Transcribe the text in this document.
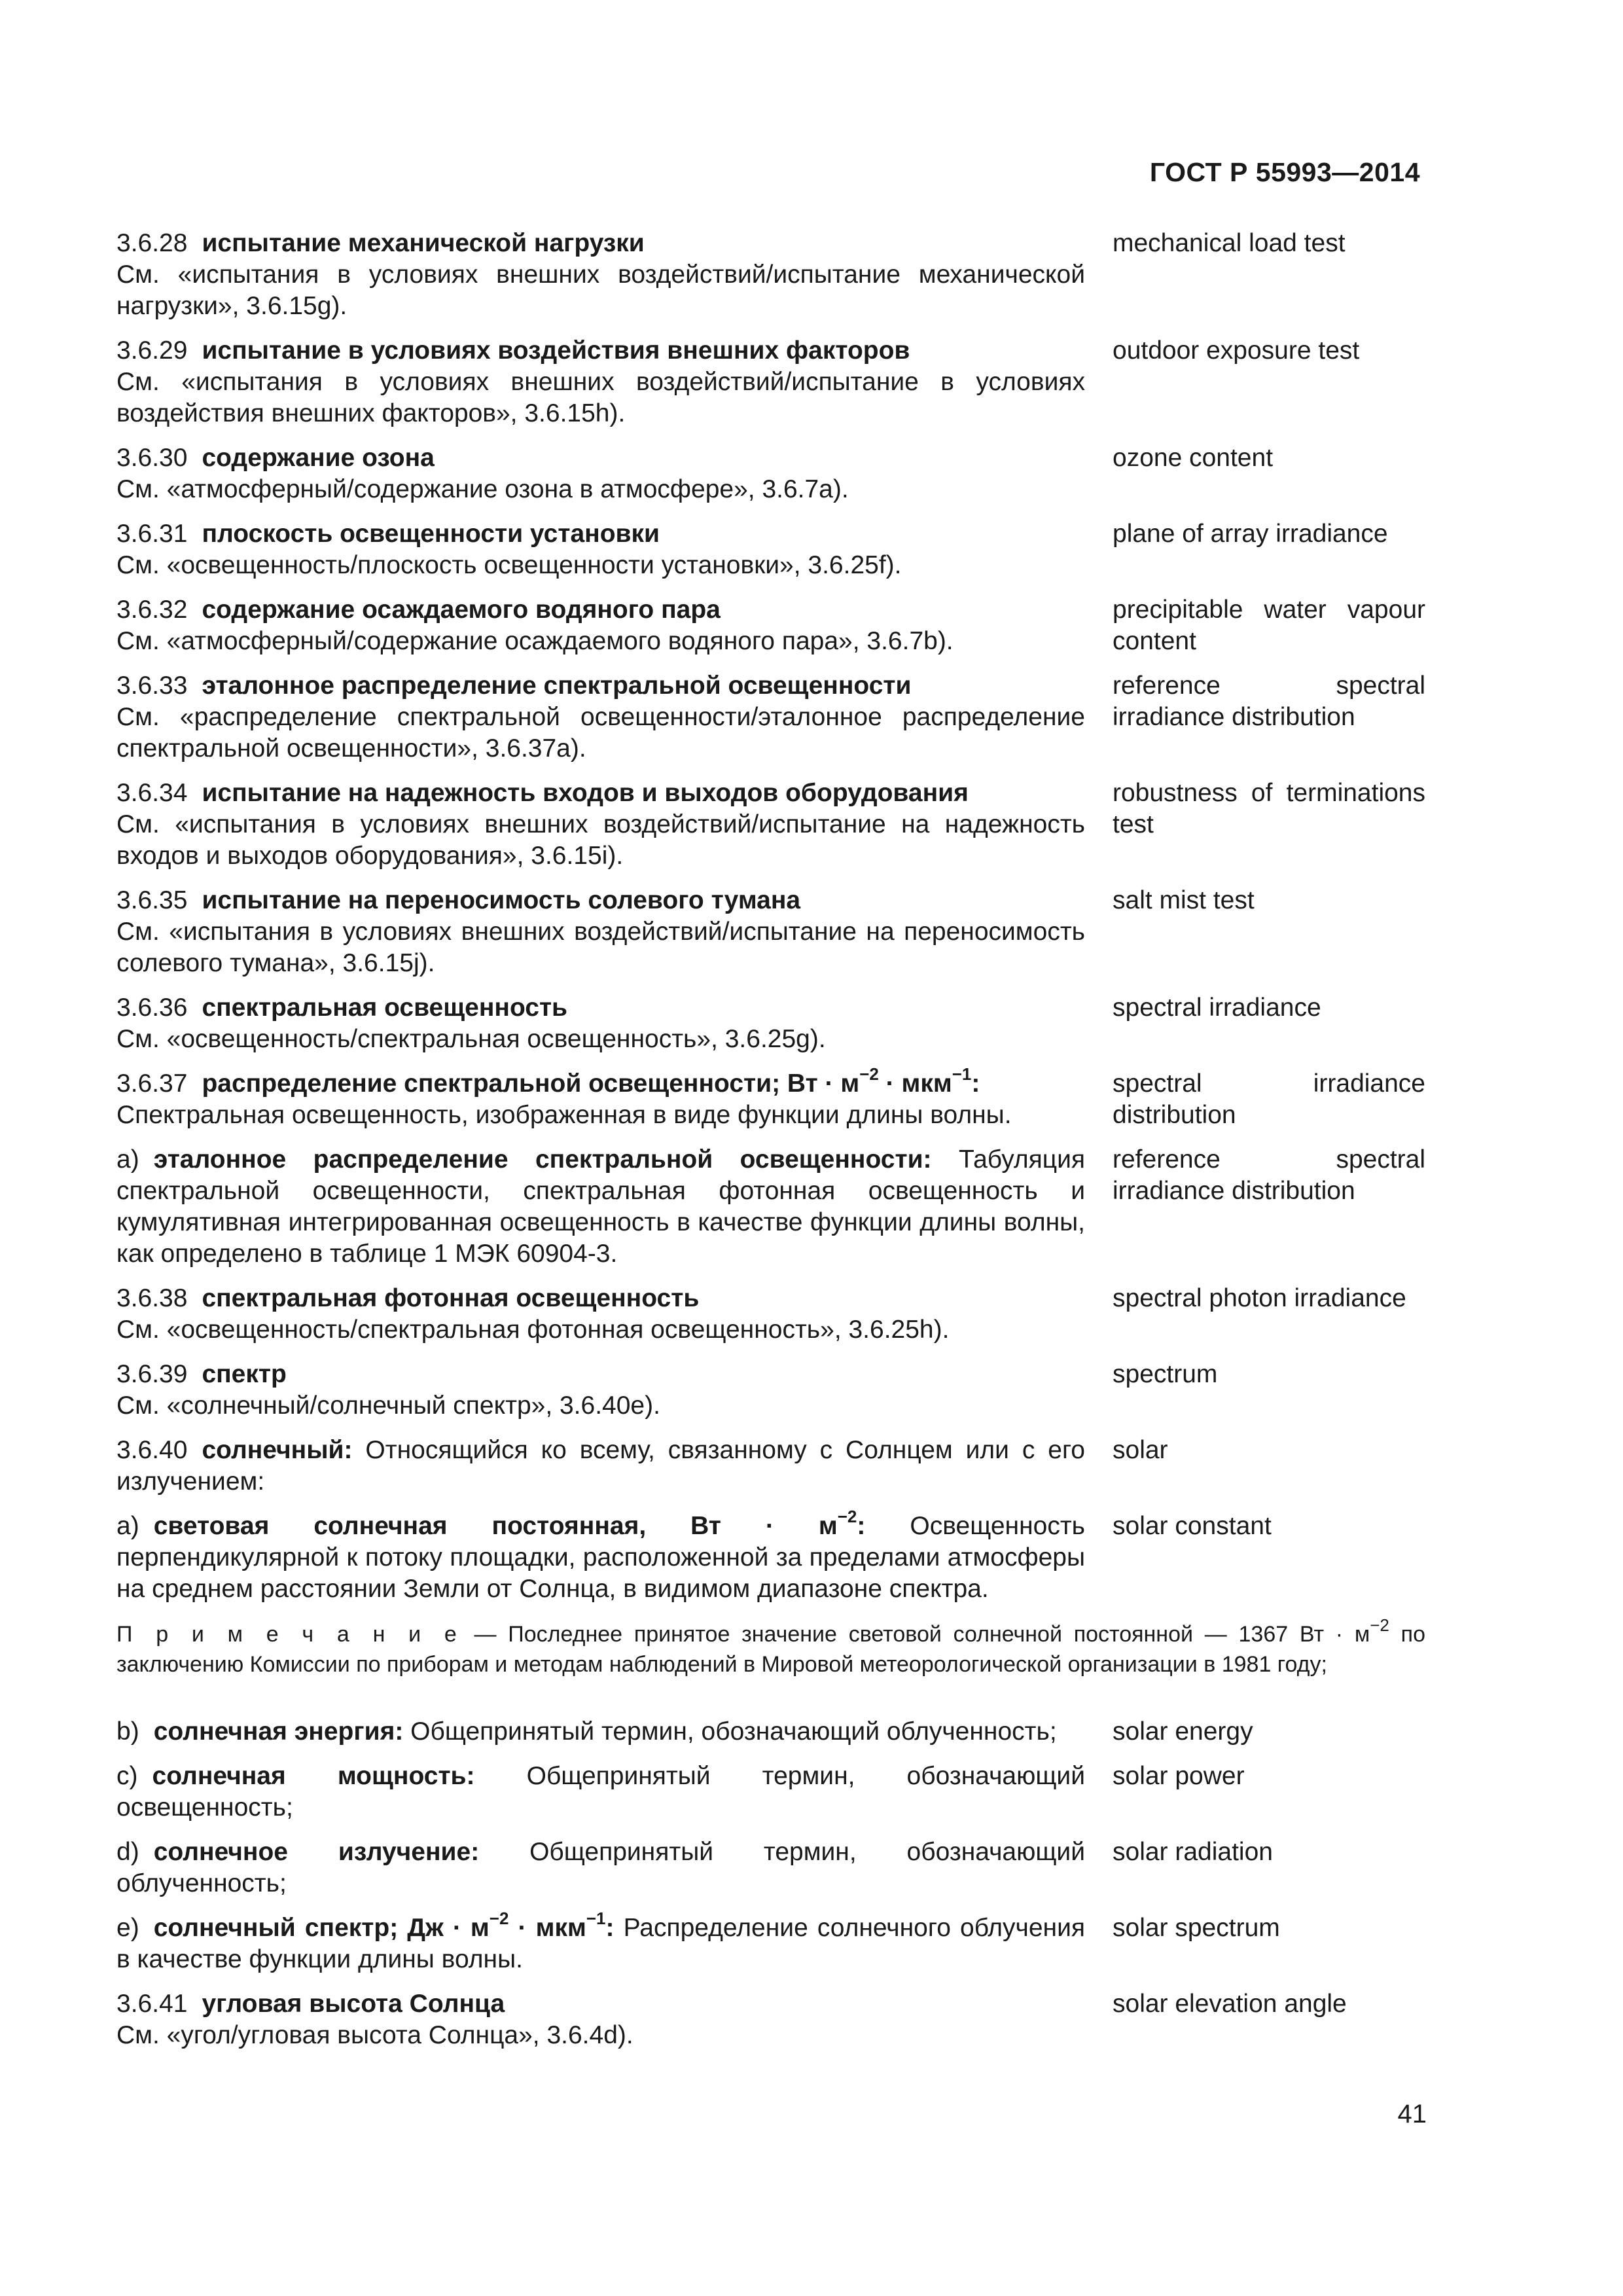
ГОСТ Р 55993—2014
3.6.28 испытание механической нагрузки
См. «испытания в условиях внешних воздействий/испытание механической нагрузки», 3.6.15g).
mechanical load test
3.6.29 испытание в условиях воздействия внешних факторов
См. «испытания в условиях внешних воздействий/испытание в условиях воздействия внешних факторов», 3.6.15h).
outdoor exposure test
3.6.30 содержание озона
См. «атмосферный/содержание озона в атмосфере», 3.6.7a).
ozone content
3.6.31 плоскость освещенности установки
См. «освещенность/плоскость освещенности установки», 3.6.25f).
plane of array irradiance
3.6.32 содержание осаждаемого водяного пара
См. «атмосферный/содержание осаждаемого водяного пара», 3.6.7b).
precipitable water vapour content
3.6.33 эталонное распределение спектральной освещенности
См. «распределение спектральной освещенности/эталонное распределение спектральной освещенности», 3.6.37a).
reference spectral irradiance distribution
3.6.34 испытание на надежность входов и выходов оборудования
См. «испытания в условиях внешних воздействий/испытание на надежность входов и выходов оборудования», 3.6.15i).
robustness of terminations test
3.6.35 испытание на переносимость солевого тумана
См. «испытания в условиях внешних воздействий/испытание на переносимость солевого тумана», 3.6.15j).
salt mist test
3.6.36 спектральная освещенность
См. «освещенность/спектральная освещенность», 3.6.25g).
spectral irradiance
3.6.37 распределение спектральной освещенности; Вт · $м^{-2} \cdot мкм^{-1}$:
Спектральная освещенность, изображенная в виде функции длины волны.
spectral irradiance distribution
а) эталонное распределение спектральной освещенности: Табуляция спектральной освещенности, спектральная фотонная освещенность и кумулятивная интегрированная освещенность в качестве функции длины волны, как определено в таблице 1 МЭК 60904-3.
reference spectral irradiance distribution
3.6.38 спектральная фотонная освещенность
См. «освещенность/спектральная фотонная освещенность», 3.6.25h).
spectral photon irradiance
3.6.39 спектр
См. «солнечный/солнечный спектр», 3.6.40e).
spectrum
3.6.40 солнечный: Относящийся ко всему, связанному с Солнцем или с его излучением:
solar
а) световая солнечная постоянная, Вт · $м^{-2}$: Освещенность перпендикулярной к потоку площадки, расположенной за пределами атмосферы на среднем расстоянии Земли от Солнца, в видимом диапазоне спектра.
solar constant
П р и м е ч а н и е — Последнее принятое значение световой солнечной постоянной — 1367 Вт · $м^{-2}$ по заключению Комиссии по приборам и методам наблюдений в Мировой метеорологической организации в 1981 году;
b) солнечная энергия: Общепринятый термин, обозначающий облученность;	solar energy
c) солнечная мощность: Общепринятый термин, обозначающий освещенность;
solar power
d) солнечное излучение: Общепринятый термин, обозначающий облученность;
solar radiation
e) солнечный спектр; Дж · $м^{-2} \cdot мкм^{-1}$: Распределение солнечного облучения в качестве функции длины волны.
solar spectrum
3.6.41 угловая высота Солнца
См. «угол/угловая высота Солнца», 3.6.4d).
solar elevation angle
41
